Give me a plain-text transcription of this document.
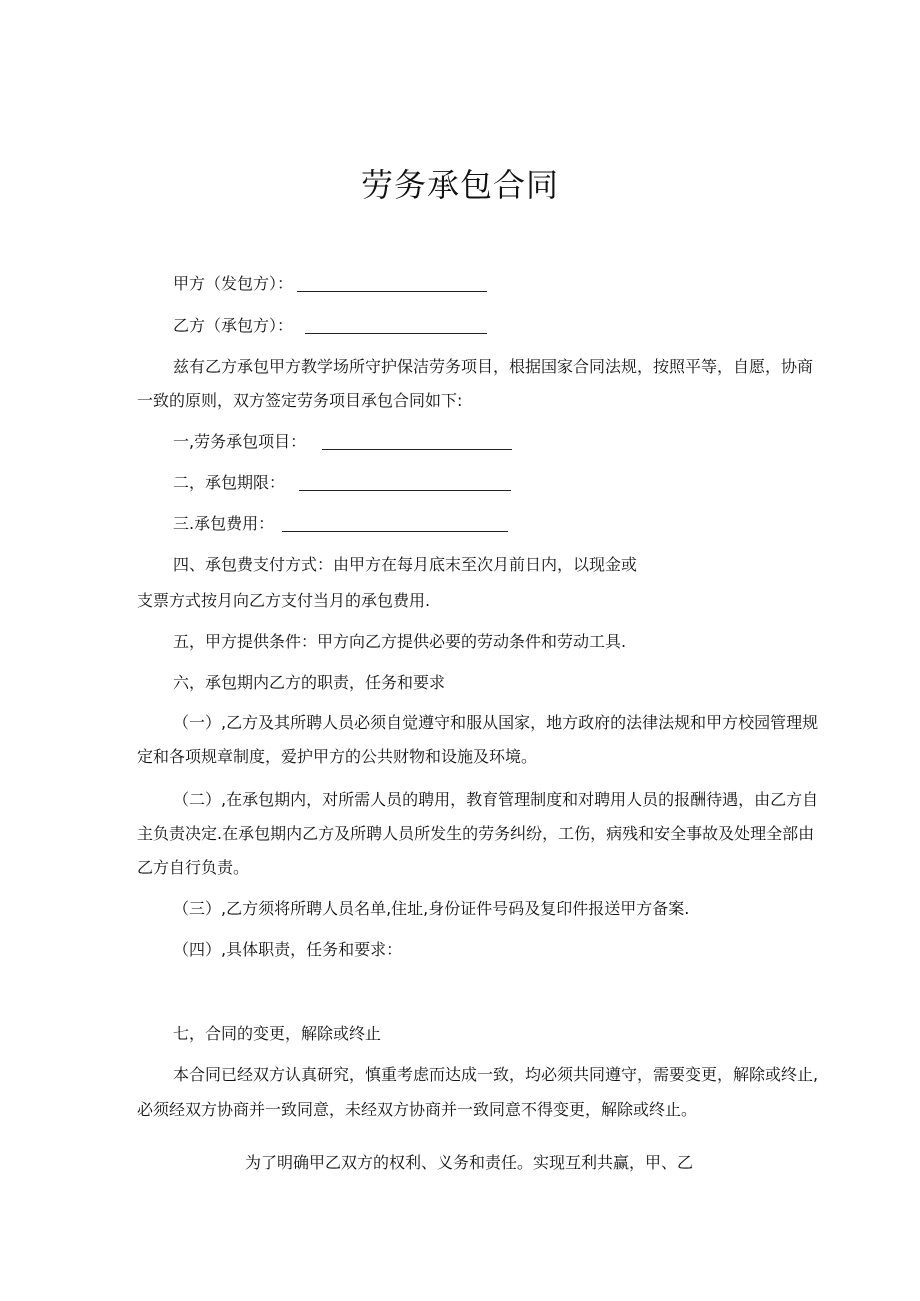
劳务承包合同
甲方（发包方）：
乙方（承包方）：
兹有乙方承包甲方教学场所守护保洁劳务项目，根据国家合同法规，按照平等，自愿，协商
一致的原则，双方签定劳务项目承包合同如下:
一,劳务承包项目：
二，承包期限：
三.承包费用：
四、承包费支付方式：由甲方在每月底末至次月前日内，以现金或
支票方式按月向乙方支付当月的承包费用.
五，甲方提供条件：甲方向乙方提供必要的劳动条件和劳动工具.
六，承包期内乙方的职责，任务和要求
（一）,乙方及其所聘人员必须自觉遵守和服从国家，地方政府的法律法规和甲方校园管理规
定和各项规章制度，爱护甲方的公共财物和设施及环境。
（二）,在承包期内，对所需人员的聘用，教育管理制度和对聘用人员的报酬待遇，由乙方自
主负责决定.在承包期内乙方及所聘人员所发生的劳务纠纷，工伤，病残和安全事故及处理全部由
乙方自行负责。
（三）,乙方须将所聘人员名单,住址,身份证件号码及复印件报送甲方备案.
（四）,具体职责，任务和要求：
七，合同的变更，解除或终止
本合同已经双方认真研究，慎重考虑而达成一致，均必须共同遵守，需要变更，解除或终止,
必须经双方协商并一致同意，未经双方协商并一致同意不得变更，解除或终止。
为了明确甲乙双方的权利、义务和责任。实现互利共赢，甲、乙
